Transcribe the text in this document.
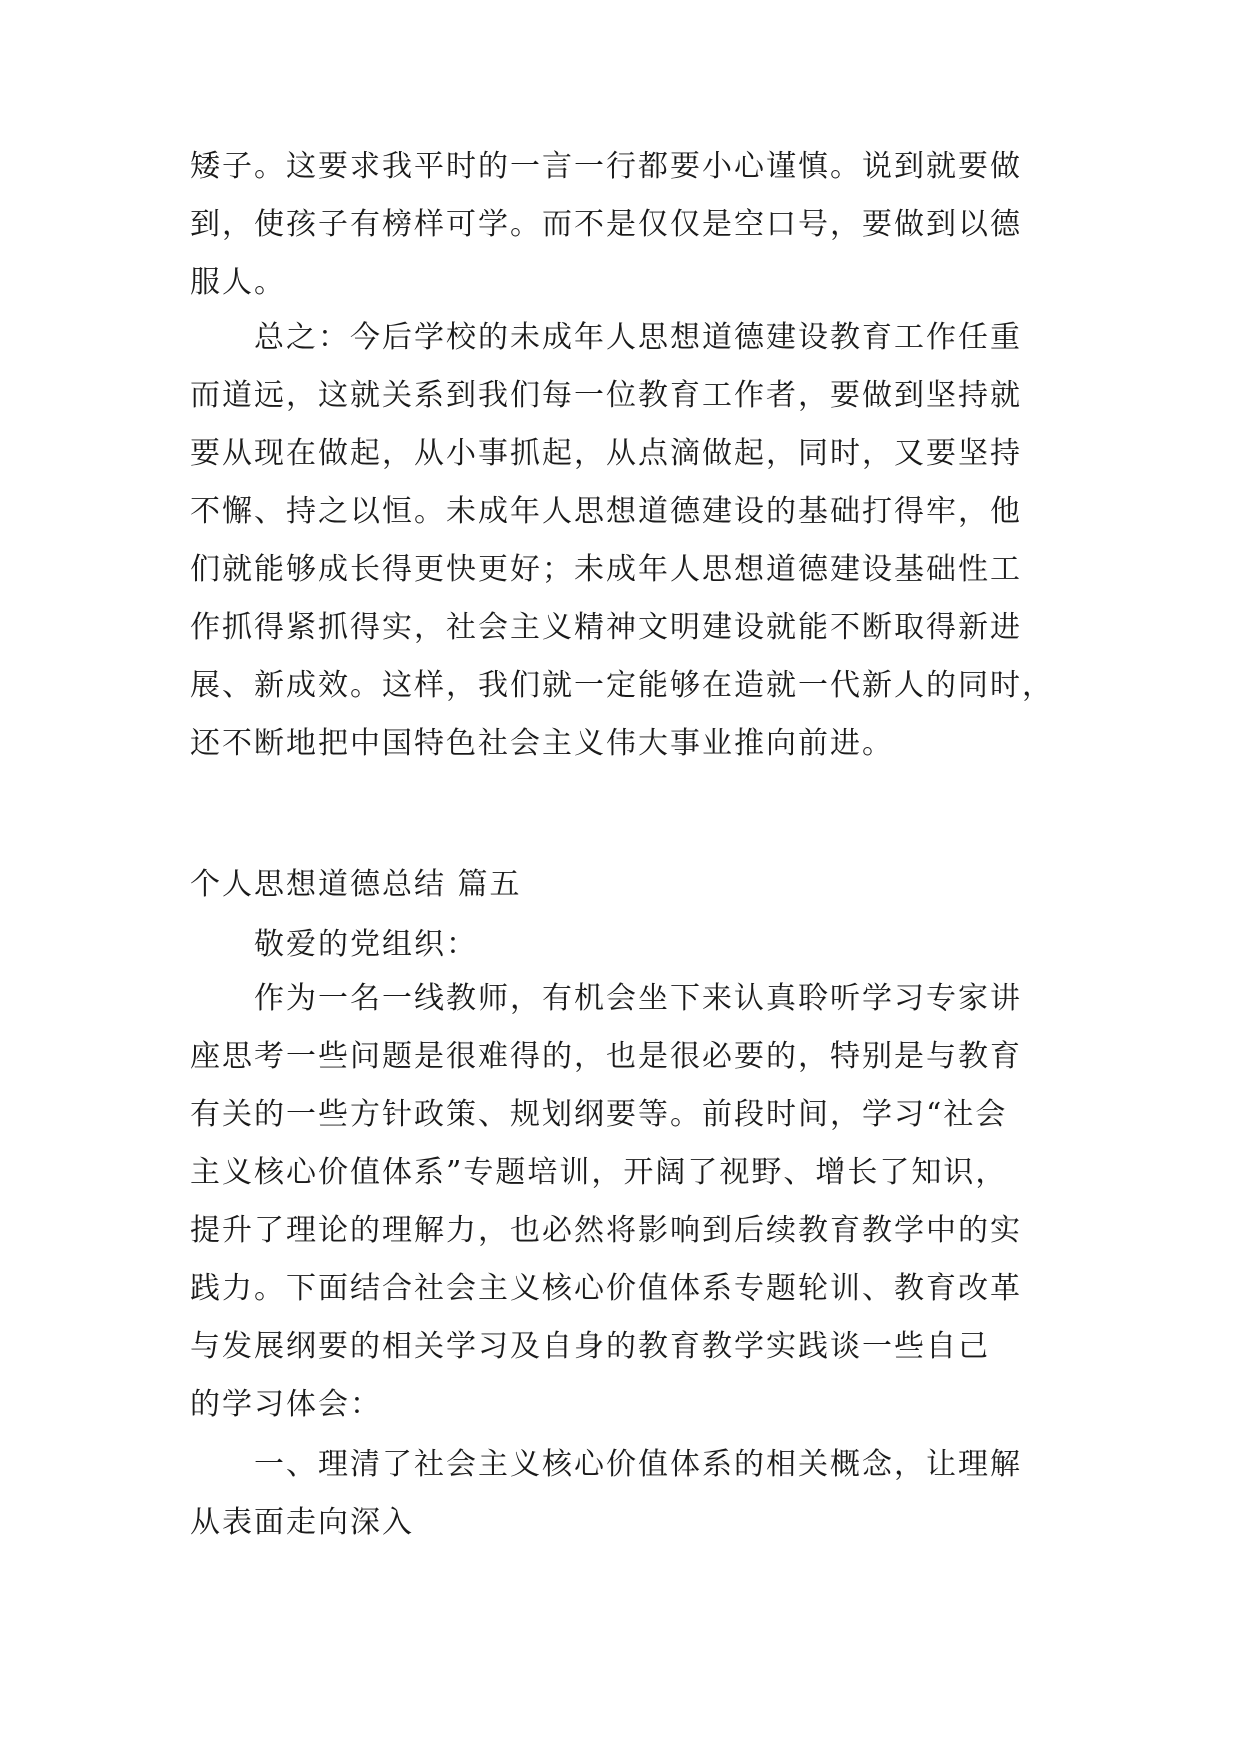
矮子。这要求我平时的一言一行都要小心谨慎。说到就要做
到，使孩子有榜样可学。而不是仅仅是空口号，要做到以德
服人。
总之：今后学校的未成年人思想道德建设教育工作任重
而道远，这就关系到我们每一位教育工作者，要做到坚持就
要从现在做起，从小事抓起，从点滴做起，同时，又要坚持
不懈、持之以恒。未成年人思想道德建设的基础打得牢，他
们就能够成长得更快更好；未成年人思想道德建设基础性工
作抓得紧抓得实，社会主义精神文明建设就能不断取得新进
展、新成效。这样，我们就一定能够在造就一代新人的同时，
还不断地把中国特色社会主义伟大事业推向前进。
个人思想道德总结 篇五
敬爱的党组织：
作为一名一线教师，有机会坐下来认真聆听学习专家讲
座思考一些问题是很难得的，也是很必要的，特别是与教育
有关的一些方针政策、规划纲要等。前段时间，学习“社会
主义核心价值体系”专题培训，开阔了视野、增长了知识，
提升了理论的理解力，也必然将影响到后续教育教学中的实
践力。下面结合社会主义核心价值体系专题轮训、教育改革
与发展纲要的相关学习及自身的教育教学实践谈一些自己
的学习体会：
一、理清了社会主义核心价值体系的相关概念，让理解
从表面走向深入
